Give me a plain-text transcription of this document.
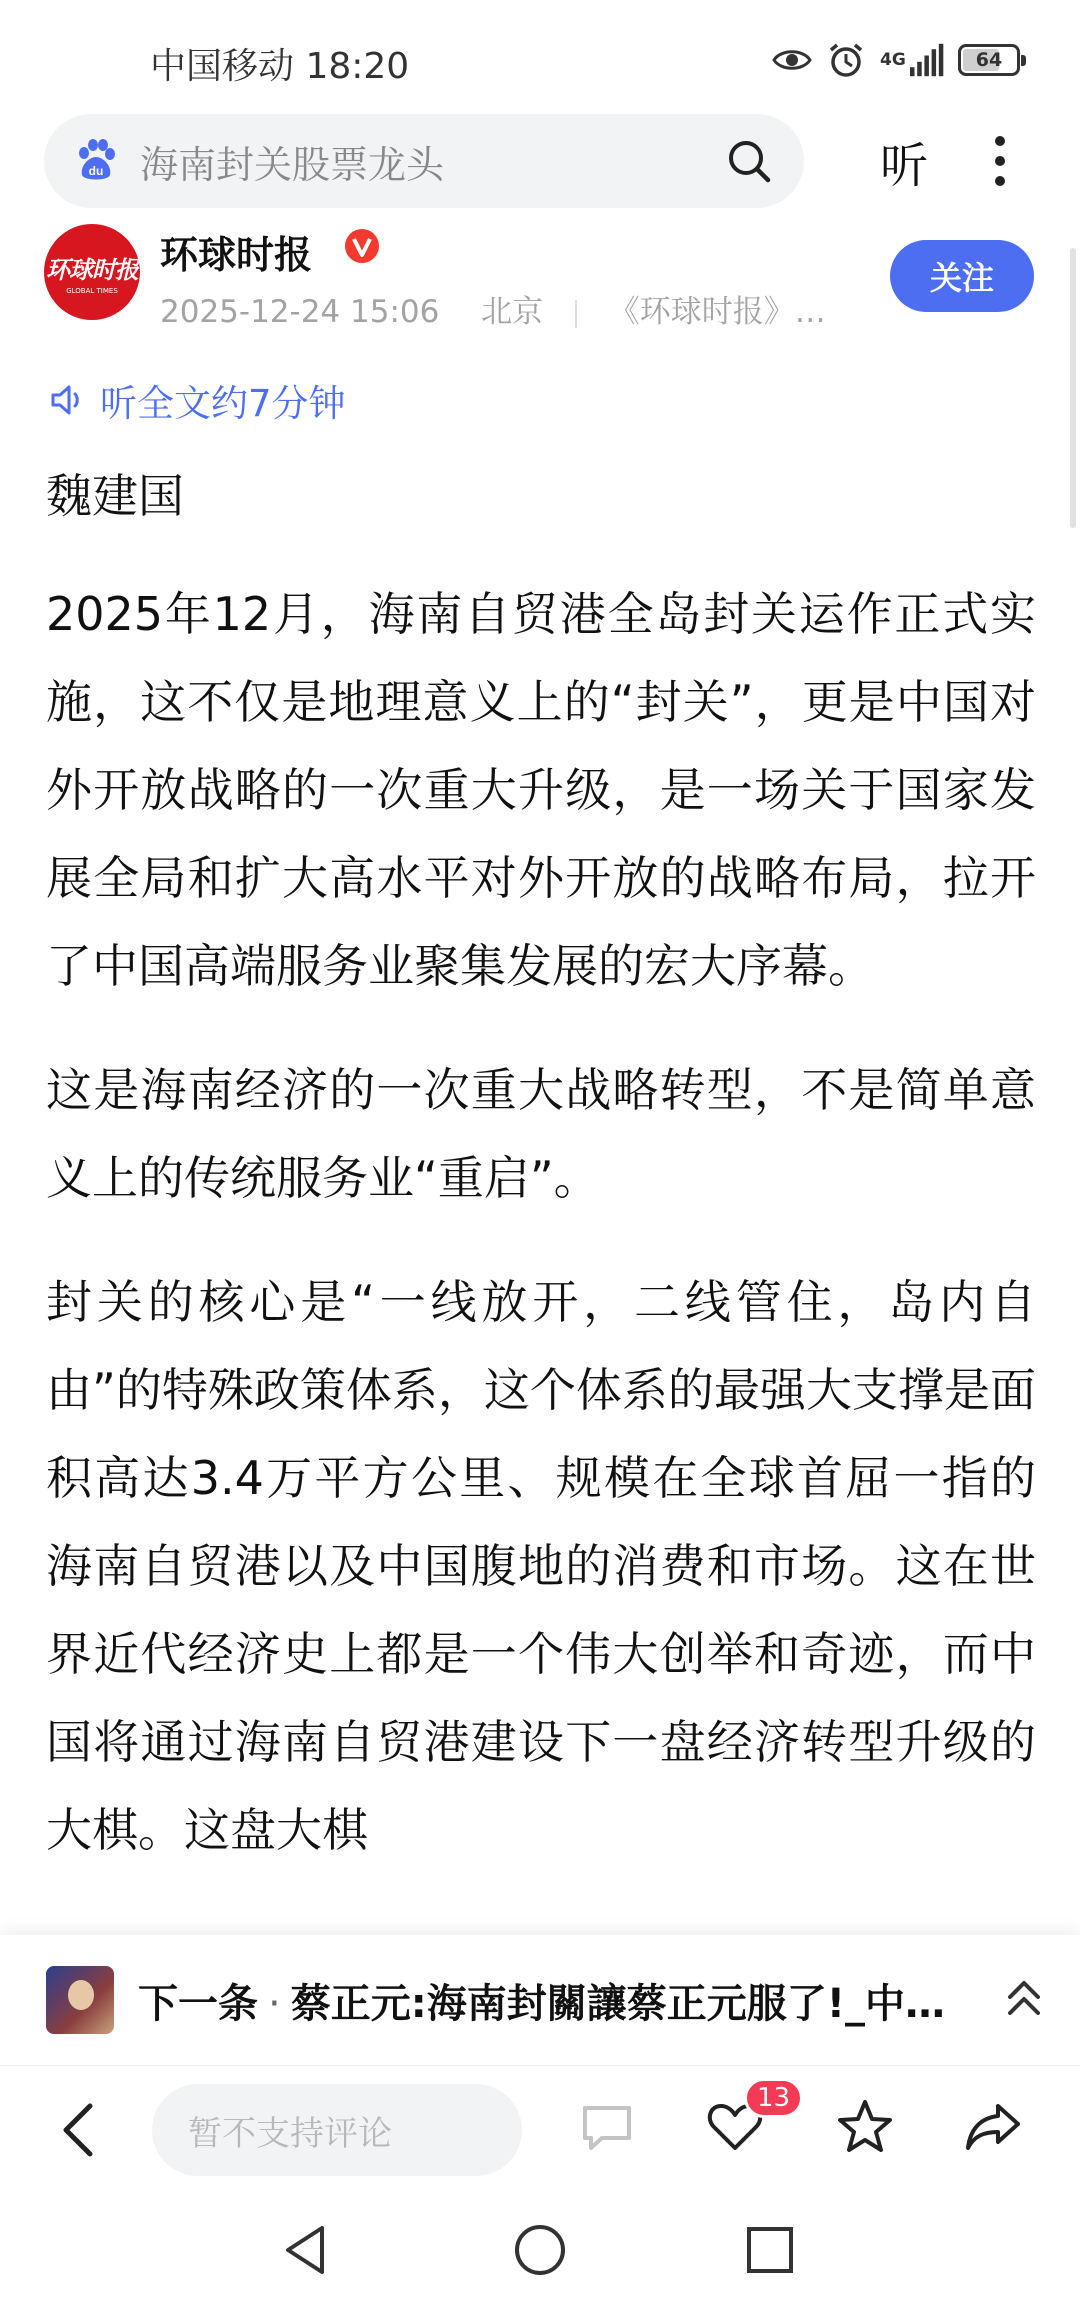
中国移动 18:20	4G	64
du 海南封关股票龙头	听
环球时报
GLOBAL TIMES
环球时报
2025-12-24 15:06 北京 《环球时报》…
关注
听全文约7分钟

魏建国

2025年12月，海南自贸港全岛封关运作正式实施，这不仅是地理意义上的“封关”，更是中国对外开放战略的一次重大升级，是一场关于国家发展全局和扩大高水平对外开放的战略布局，拉开了中国高端服务业聚集发展的宏大序幕。

这是海南经济的一次重大战略转型，不是简单意义上的传统服务业“重启”。

封关的核心是“一线放开，二线管住，岛内自由”的特殊政策体系，这个体系的最强大支撑是面积高达3.4万平方公里、规模在全球首屈一指的海南自贸港以及中国腹地的消费和市场。这在世界近代经济史上都是一个伟大创举和奇迹，而中国将通过海南自贸港建设下一盘经济转型升级的大棋。这盘大棋

下一条 · 蔡正元:海南封關讓蔡正元服了!_中…
暂不支持评论
13
